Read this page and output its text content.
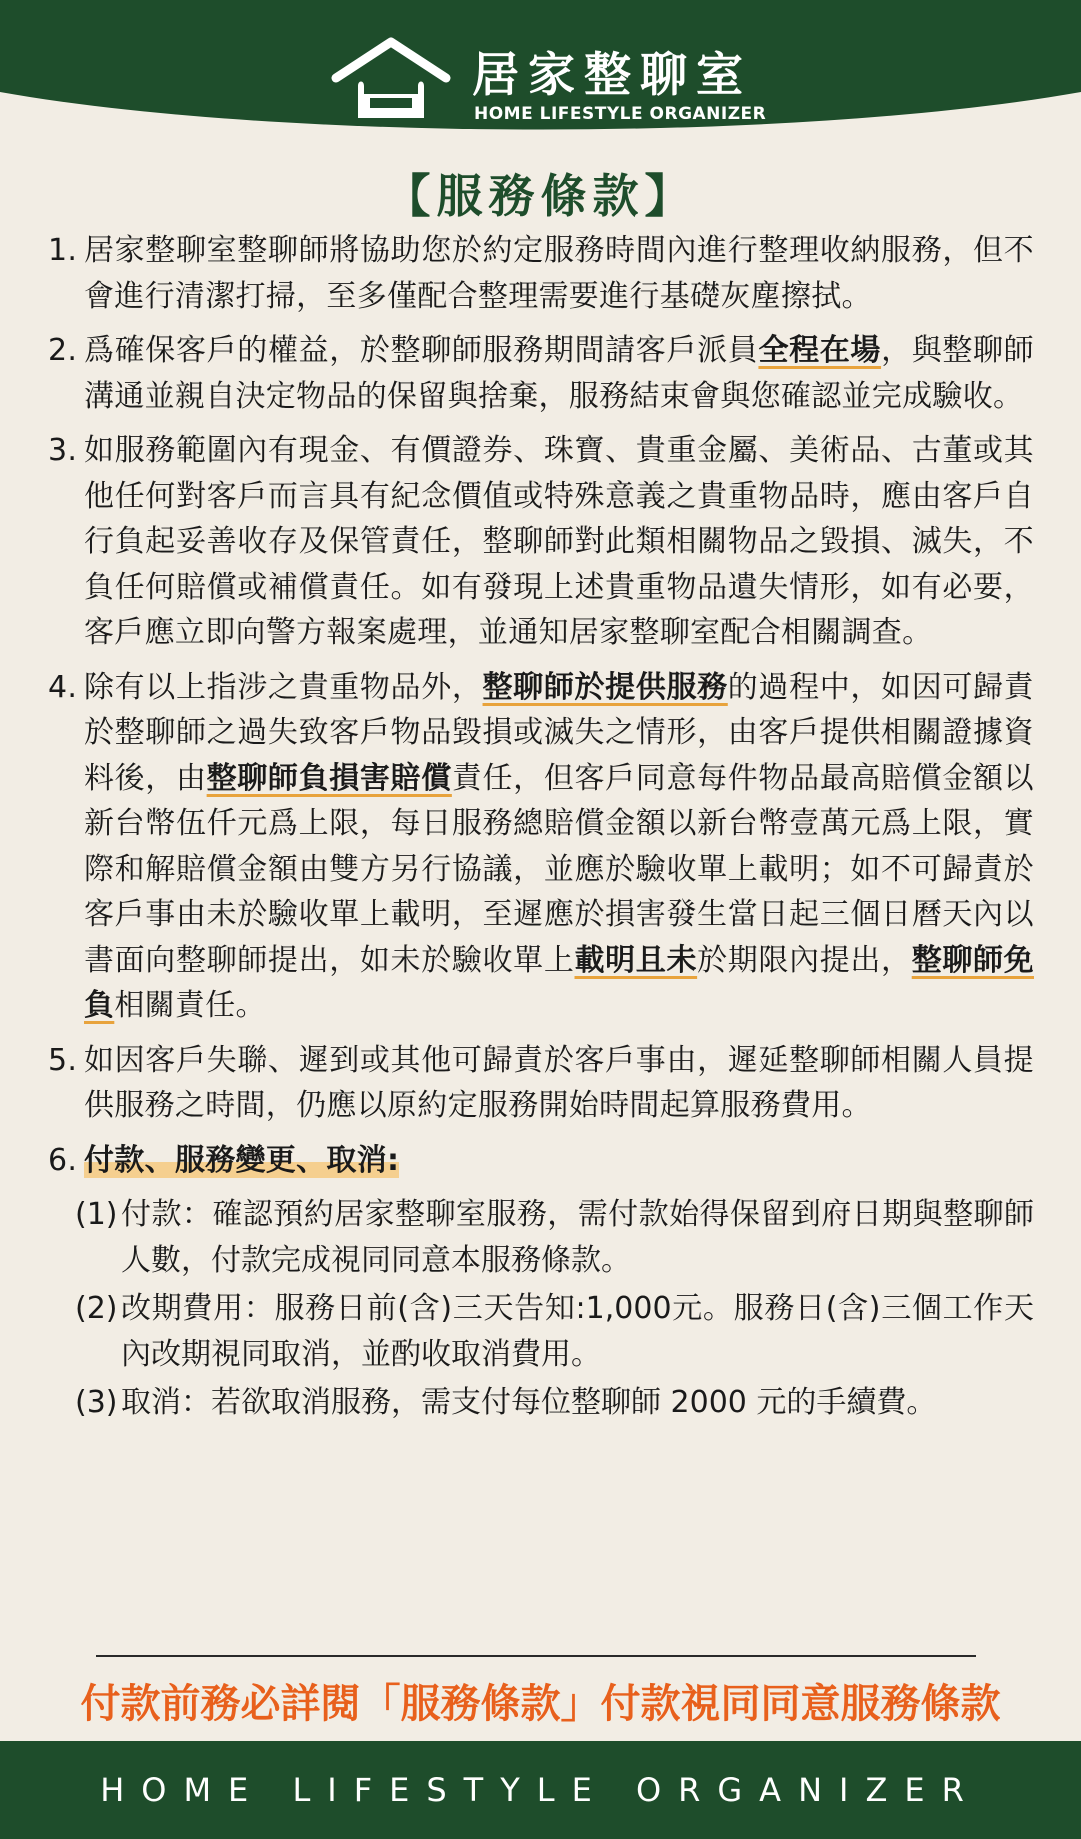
居家整聊室
HOME LIFESTYLE ORGANIZER
【服務條款】
1. 居家整聊室整聊師將協助您於約定服務時間內進行整理收納服務，但不會進行清潔打掃，至多僅配合整理需要進行基礎灰塵擦拭。
2. 爲確保客戶的權益，於整聊師服務期間請客戶派員全程在場，與整聊師溝通並親自決定物品的保留與捨棄，服務結束會與您確認並完成驗收。
3. 如服務範圍內有現金、有價證券、珠寶、貴重金屬、美術品、古董或其他任何對客戶而言具有紀念價值或特殊意義之貴重物品時，應由客戶自行負起妥善收存及保管責任，整聊師對此類相關物品之毀損、滅失，不負任何賠償或補償責任。如有發現上述貴重物品遺失情形，如有必要，客戶應立即向警方報案處理，並通知居家整聊室配合相關調查。
4. 除有以上指涉之貴重物品外，整聊師於提供服務的過程中，如因可歸責於整聊師之過失致客戶物品毀損或滅失之情形，由客戶提供相關證據資料後，由整聊師負損害賠償責任，但客戶同意每件物品最高賠償金額以新台幣伍仟元爲上限，每日服務總賠償金額以新台幣壹萬元爲上限，實際和解賠償金額由雙方另行協議，並應於驗收單上載明；如不可歸責於客戶事由未於驗收單上載明，至遲應於損害發生當日起三個日曆天內以書面向整聊師提出，如未於驗收單上載明且未於期限內提出，整聊師免負相關責任。
5. 如因客戶失聯、遲到或其他可歸責於客戶事由，遲延整聊師相關人員提供服務之時間，仍應以原約定服務開始時間起算服務費用。
6. 付款、服務變更、取消:
(1) 付款：確認預約居家整聊室服務，需付款始得保留到府日期與整聊師人數，付款完成視同同意本服務條款。
(2) 改期費用：服務日前(含)三天告知:1,000元。服務日(含)三個工作天內改期視同取消，並酌收取消費用。
(3) 取消：若欲取消服務，需支付每位整聊師 2000 元的手續費。
付款前務必詳閱「服務條款」付款視同同意服務條款
HOME LIFESTYLE ORGANIZER
